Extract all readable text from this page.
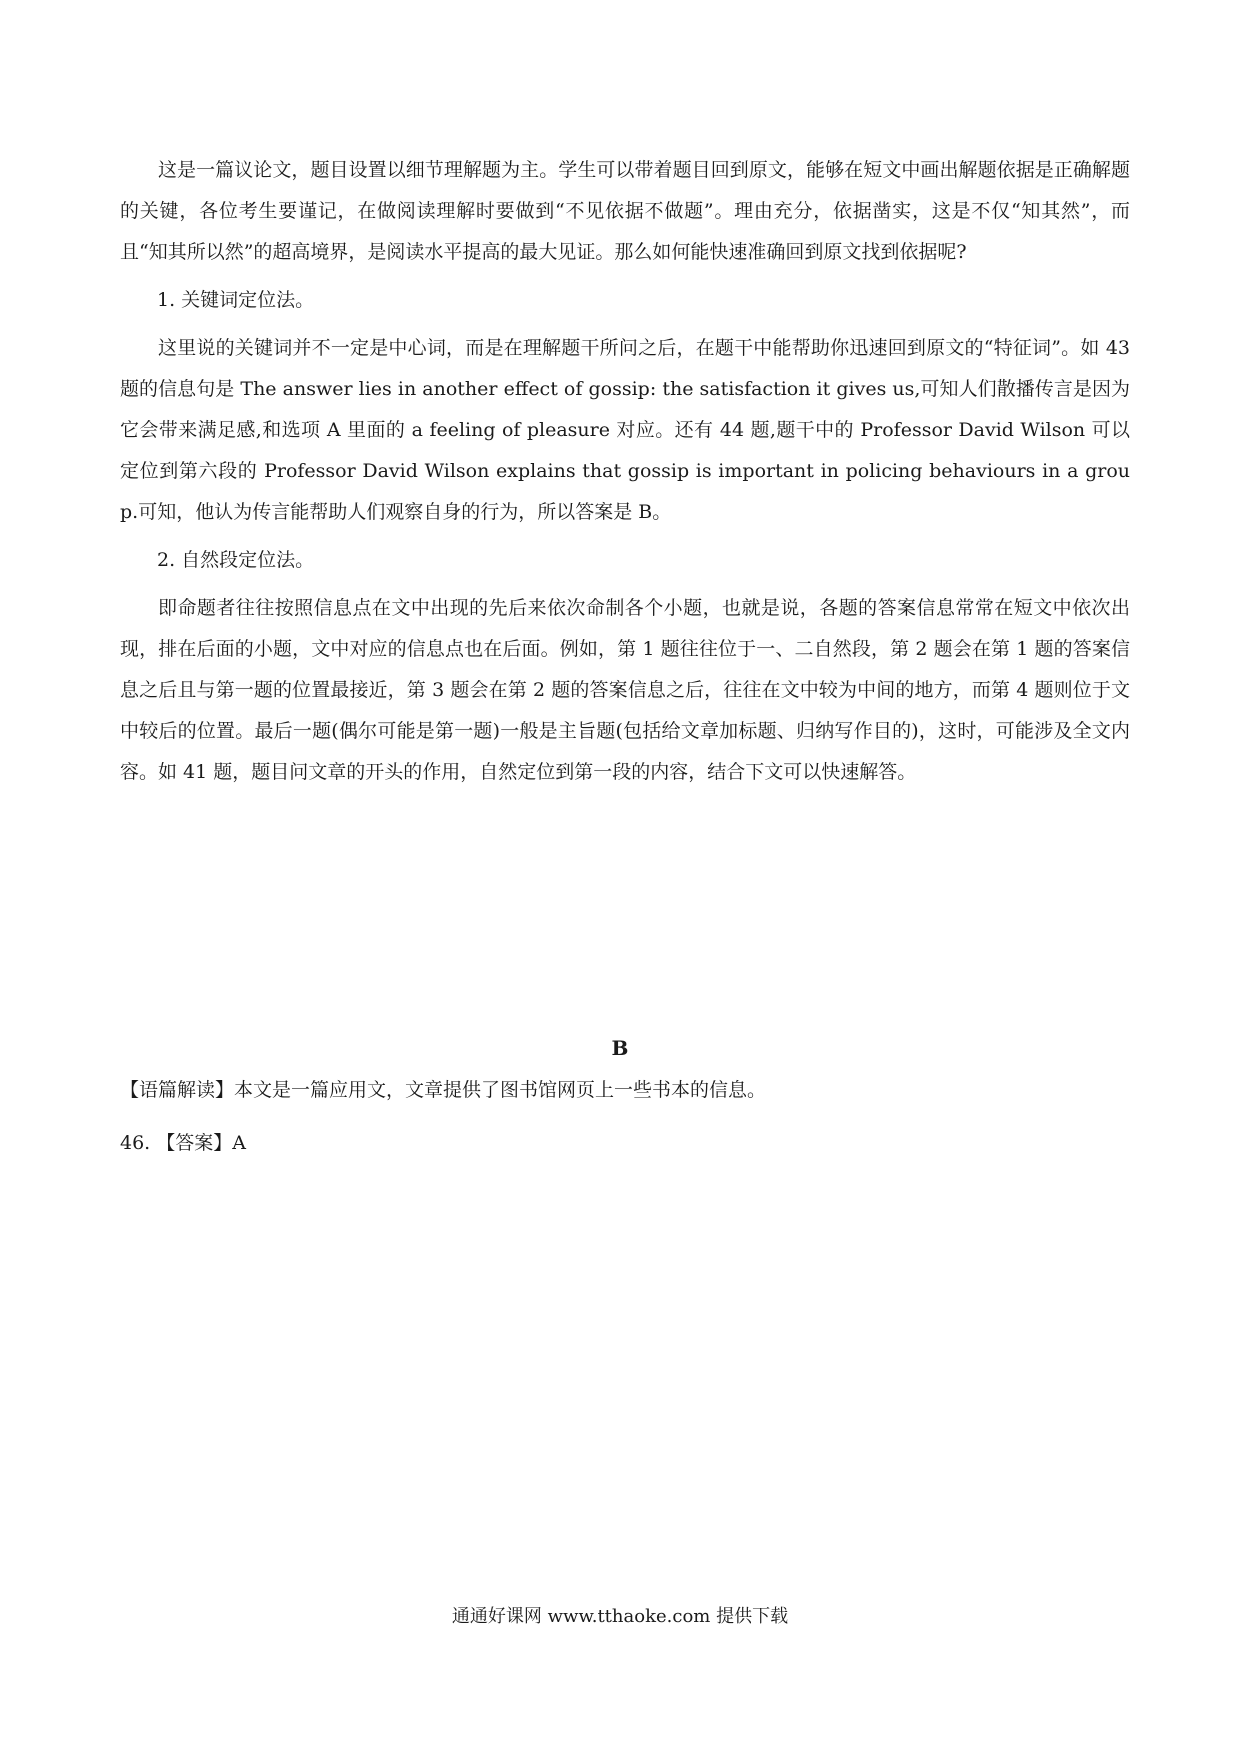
这是一篇议论文，题目设置以细节理解题为主。学生可以带着题目回到原文，能够在短文中画出解题依据是正确解题的关键，各位考生要谨记，在做阅读理解时要做到“不见依据不做题”。理由充分，依据凿实，这是不仅“知其然”，而且“知其所以然”的超高境界，是阅读水平提高的最大见证。那么如何能快速准确回到原文找到依据呢?

1. 关键词定位法。

这里说的关键词并不一定是中心词，而是在理解题干所问之后，在题干中能帮助你迅速回到原文的“特征词”。如 43 题的信息句是 The answer lies in another effect of gossip: the satisfaction it gives us,可知人们散播传言是因为它会带来满足感,和选项 A 里面的 a feeling of pleasure 对应。还有 44 题,题干中的 Professor David Wilson 可以定位到第六段的 Professor David Wilson explains that gossip is important in policing behaviours in a group.可知，他认为传言能帮助人们观察自身的行为，所以答案是 B。

2. 自然段定位法。

即命题者往往按照信息点在文中出现的先后来依次命制各个小题，也就是说，各题的答案信息常常在短文中依次出现，排在后面的小题，文中对应的信息点也在后面。例如，第 1 题往往位于一、二自然段，第 2 题会在第 1 题的答案信息之后且与第一题的位置最接近，第 3 题会在第 2 题的答案信息之后，往往在文中较为中间的地方，而第 4 题则位于文中较后的位置。最后一题(偶尔可能是第一题)一般是主旨题(包括给文章加标题、归纳写作目的)，这时，可能涉及全文内容。如 41 题，题目问文章的开头的作用，自然定位到第一段的内容，结合下文可以快速解答。

B
【语篇解读】本文是一篇应用文，文章提供了图书馆网页上一些书本的信息。
46. 【答案】A
通通好课网 www.tthaoke.com 提供下载
